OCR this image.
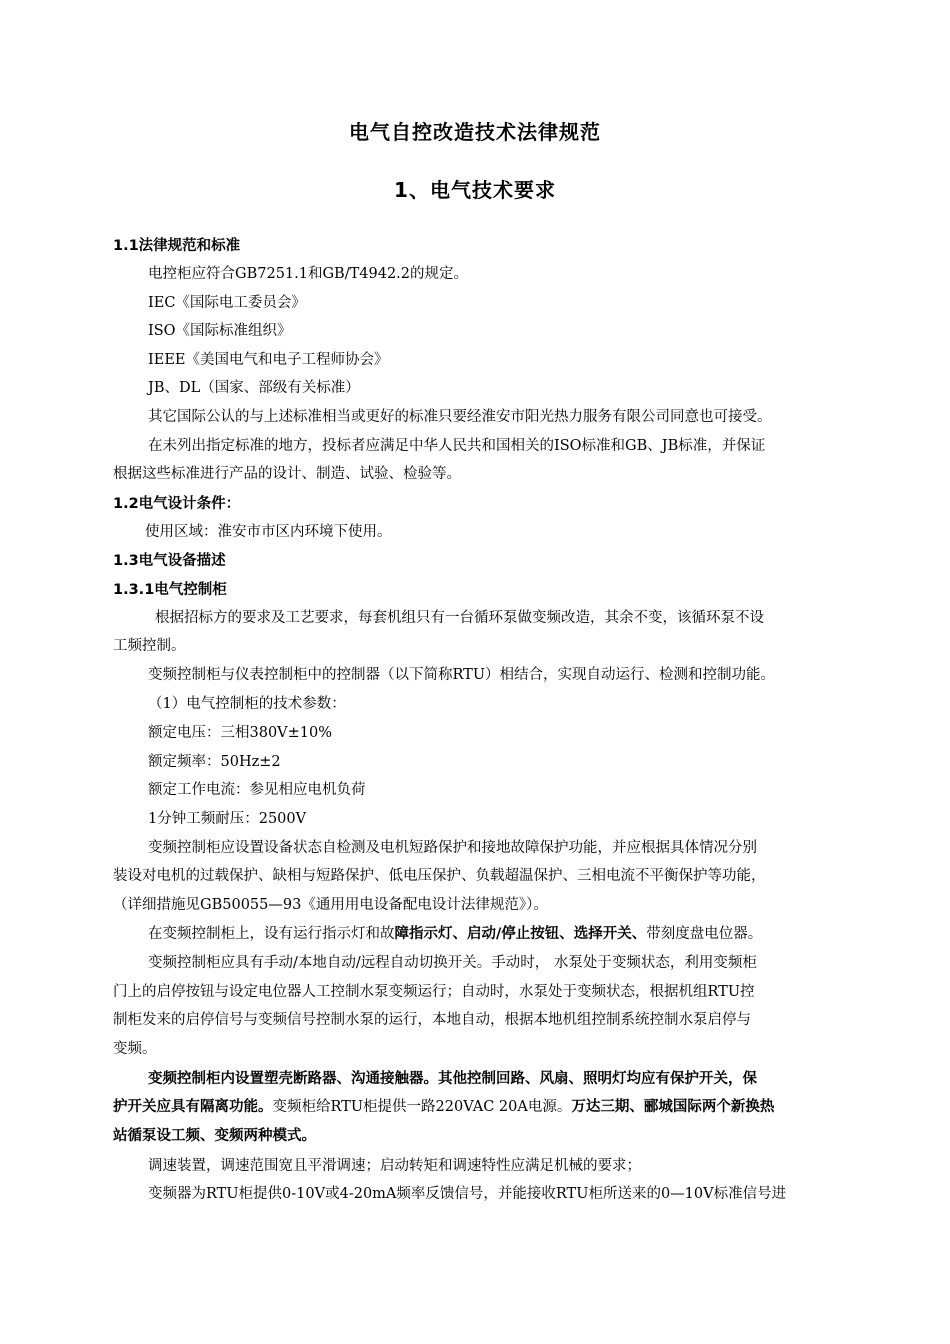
电气自控改造技术法律规范
1、电气技术要求
1.1法律规范和标准
电控柜应符合GB7251.1和GB/T4942.2的规定。
IEC《国际电工委员会》
ISO《国际标准组织》
IEEE《美国电气和电子工程师协会》
JB、DL（国家、部级有关标准）
其它国际公认的与上述标准相当或更好的标准只要经淮安市阳光热力服务有限公司同意也可接受。
在未列出指定标准的地方，投标者应满足中华人民共和国相关的ISO标准和GB、JB标准，并保证
根据这些标准进行产品的设计、制造、试验、检验等。
1.2电气设计条件：
使用区域：淮安市市区内环境下使用。
1.3电气设备描述
1.3.1电气控制柜
根据招标方的要求及工艺要求，每套机组只有一台循环泵做变频改造，其余不变，该循环泵不设
工频控制。
变频控制柜与仪表控制柜中的控制器（以下简称RTU）相结合，实现自动运行、检测和控制功能。
（1）电气控制柜的技术参数：
额定电压：三相380V±10%
额定频率：50Hz±2
额定工作电流：参见相应电机负荷
1分钟工频耐压：2500V
变频控制柜应设置设备状态自检测及电机短路保护和接地故障保护功能，并应根据具体情况分别
装设对电机的过载保护、缺相与短路保护、低电压保护、负载超温保护、三相电流不平衡保护等功能，
（详细措施见GB50055—93《通用用电设备配电设计法律规范》）。
在变频控制柜上，设有运行指示灯和故障指示灯、启动/停止按钮、选择开关、带刻度盘电位器。
变频控制柜应具有手动/本地自动/远程自动切换开关。手动时， 水泵处于变频状态，利用变频柜
门上的启停按钮与设定电位器人工控制水泵变频运行；自动时，水泵处于变频状态，根据机组RTU控
制柜发来的启停信号与变频信号控制水泵的运行，本地自动，根据本地机组控制系统控制水泵启停与
变频。
变频控制柜内设置塑壳断路器、沟通接触器。其他控制回路、风扇、照明灯均应有保护开关，保
护开关应具有隔离功能。变频柜给RTU柜提供一路220VAC 20A电源。万达三期、郦城国际两个新换热
站循泵设工频、变频两种模式。
调速装置，调速范围宽且平滑调速；启动转矩和调速特性应满足机械的要求；
变频器为RTU柜提供0-10V或4-20mA频率反馈信号，并能接收RTU柜所送来的0—10V标准信号进
